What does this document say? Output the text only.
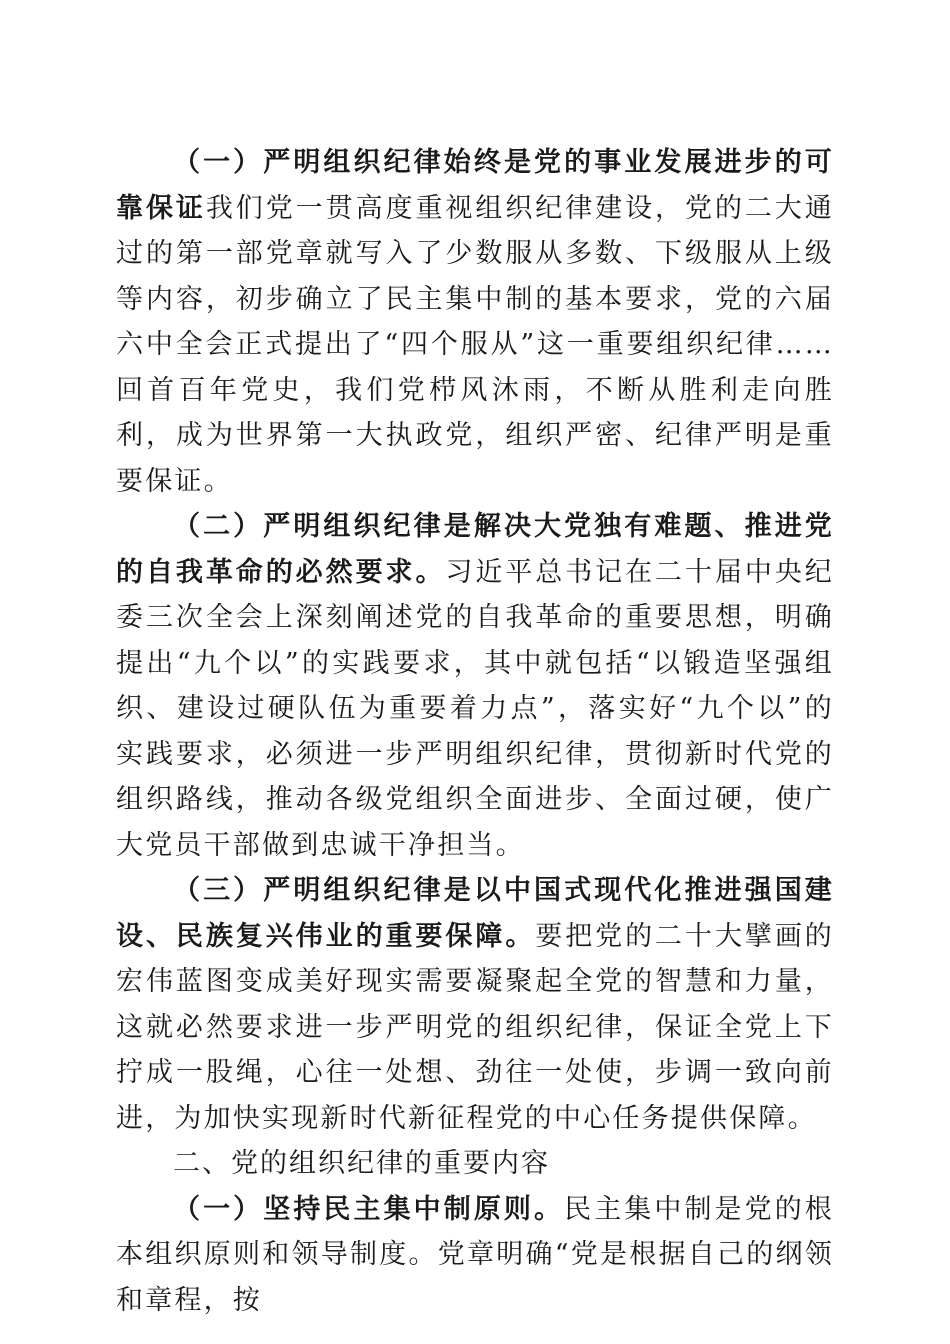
（一）严明组织纪律始终是党的事业发展进步的可靠保证我们党一贯高度重视组织纪律建设，党的二大通过的第一部党章就写入了少数服从多数、下级服从上级等内容，初步确立了民主集中制的基本要求，党的六届六中全会正式提出了“四个服从”这一重要组织纪律……回首百年党史，我们党栉风沐雨，不断从胜利走向胜利，成为世界第一大执政党，组织严密、纪律严明是重要保证。

（二）严明组织纪律是解决大党独有难题、推进党的自我革命的必然要求。习近平总书记在二十届中央纪委三次全会上深刻阐述党的自我革命的重要思想，明确提出“九个以”的实践要求，其中就包括“以锻造坚强组织、建设过硬队伍为重要着力点”，落实好“九个以”的实践要求，必须进一步严明组织纪律，贯彻新时代党的组织路线，推动各级党组织全面进步、全面过硬，使广大党员干部做到忠诚干净担当。

（三）严明组织纪律是以中国式现代化推进强国建设、民族复兴伟业的重要保障。要把党的二十大擘画的宏伟蓝图变成美好现实需要凝聚起全党的智慧和力量，这就必然要求进一步严明党的组织纪律，保证全党上下拧成一股绳，心往一处想、劲往一处使，步调一致向前进，为加快实现新时代新征程党的中心任务提供保障。

二、党的组织纪律的重要内容

（一）坚持民主集中制原则。民主集中制是党的根本组织原则和领导制度。党章明确“党是根据自己的纲领和章程，按
